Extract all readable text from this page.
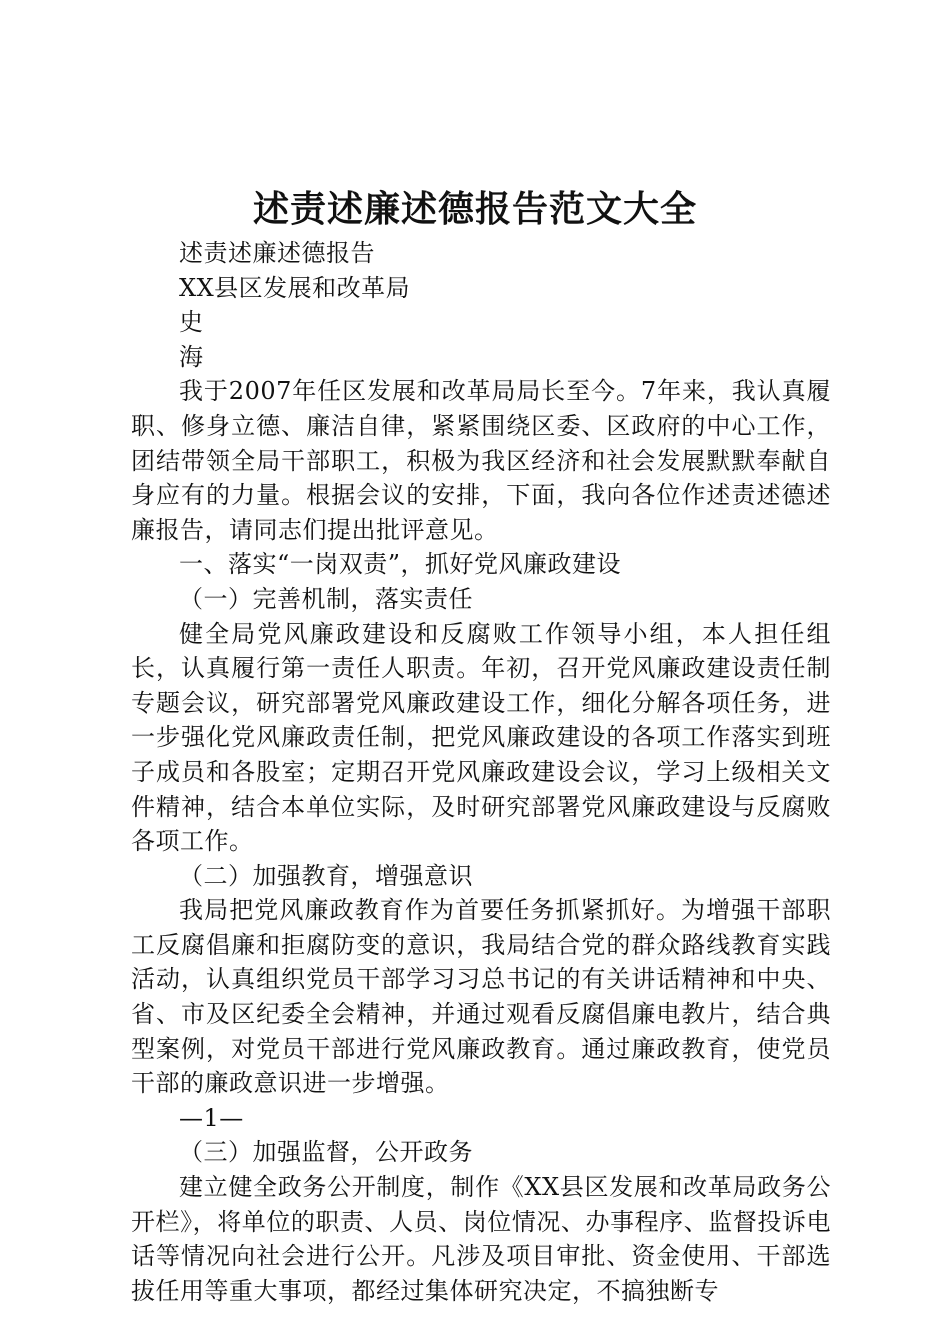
述责述廉述德报告范文大全

述责述廉述德报告

XX县区发展和改革局

史

海

我于2007年任区发展和改革局局长至今。7年来，我认真履职、修身立德、廉洁自律，紧紧围绕区委、区政府的中心工作，团结带领全局干部职工，积极为我区经济和社会发展默默奉献自身应有的力量。根据会议的安排，下面，我向各位作述责述德述廉报告，请同志们提出批评意见。

一、落实“一岗双责”，抓好党风廉政建设

（一）完善机制，落实责任

健全局党风廉政建设和反腐败工作领导小组，本人担任组长，认真履行第一责任人职责。年初，召开党风廉政建设责任制专题会议，研究部署党风廉政建设工作，细化分解各项任务，进一步强化党风廉政责任制，把党风廉政建设的各项工作落实到班子成员和各股室；定期召开党风廉政建设会议，学习上级相关文件精神，结合本单位实际，及时研究部署党风廉政建设与反腐败各项工作。

（二）加强教育，增强意识

我局把党风廉政教育作为首要任务抓紧抓好。为增强干部职工反腐倡廉和拒腐防变的意识，我局结合党的群众路线教育实践活动，认真组织党员干部学习习总书记的有关讲话精神和中央、省、市及区纪委全会精神，并通过观看反腐倡廉电教片，结合典型案例，对党员干部进行党风廉政教育。通过廉政教育，使党员干部的廉政意识进一步增强。

—1—

（三）加强监督，公开政务

建立健全政务公开制度，制作《XX县区发展和改革局政务公开栏》，将单位的职责、人员、岗位情况、办事程序、监督投诉电话等情况向社会进行公开。凡涉及项目审批、资金使用、干部选拔任用等重大事项，都经过集体研究决定，不搞独断专
